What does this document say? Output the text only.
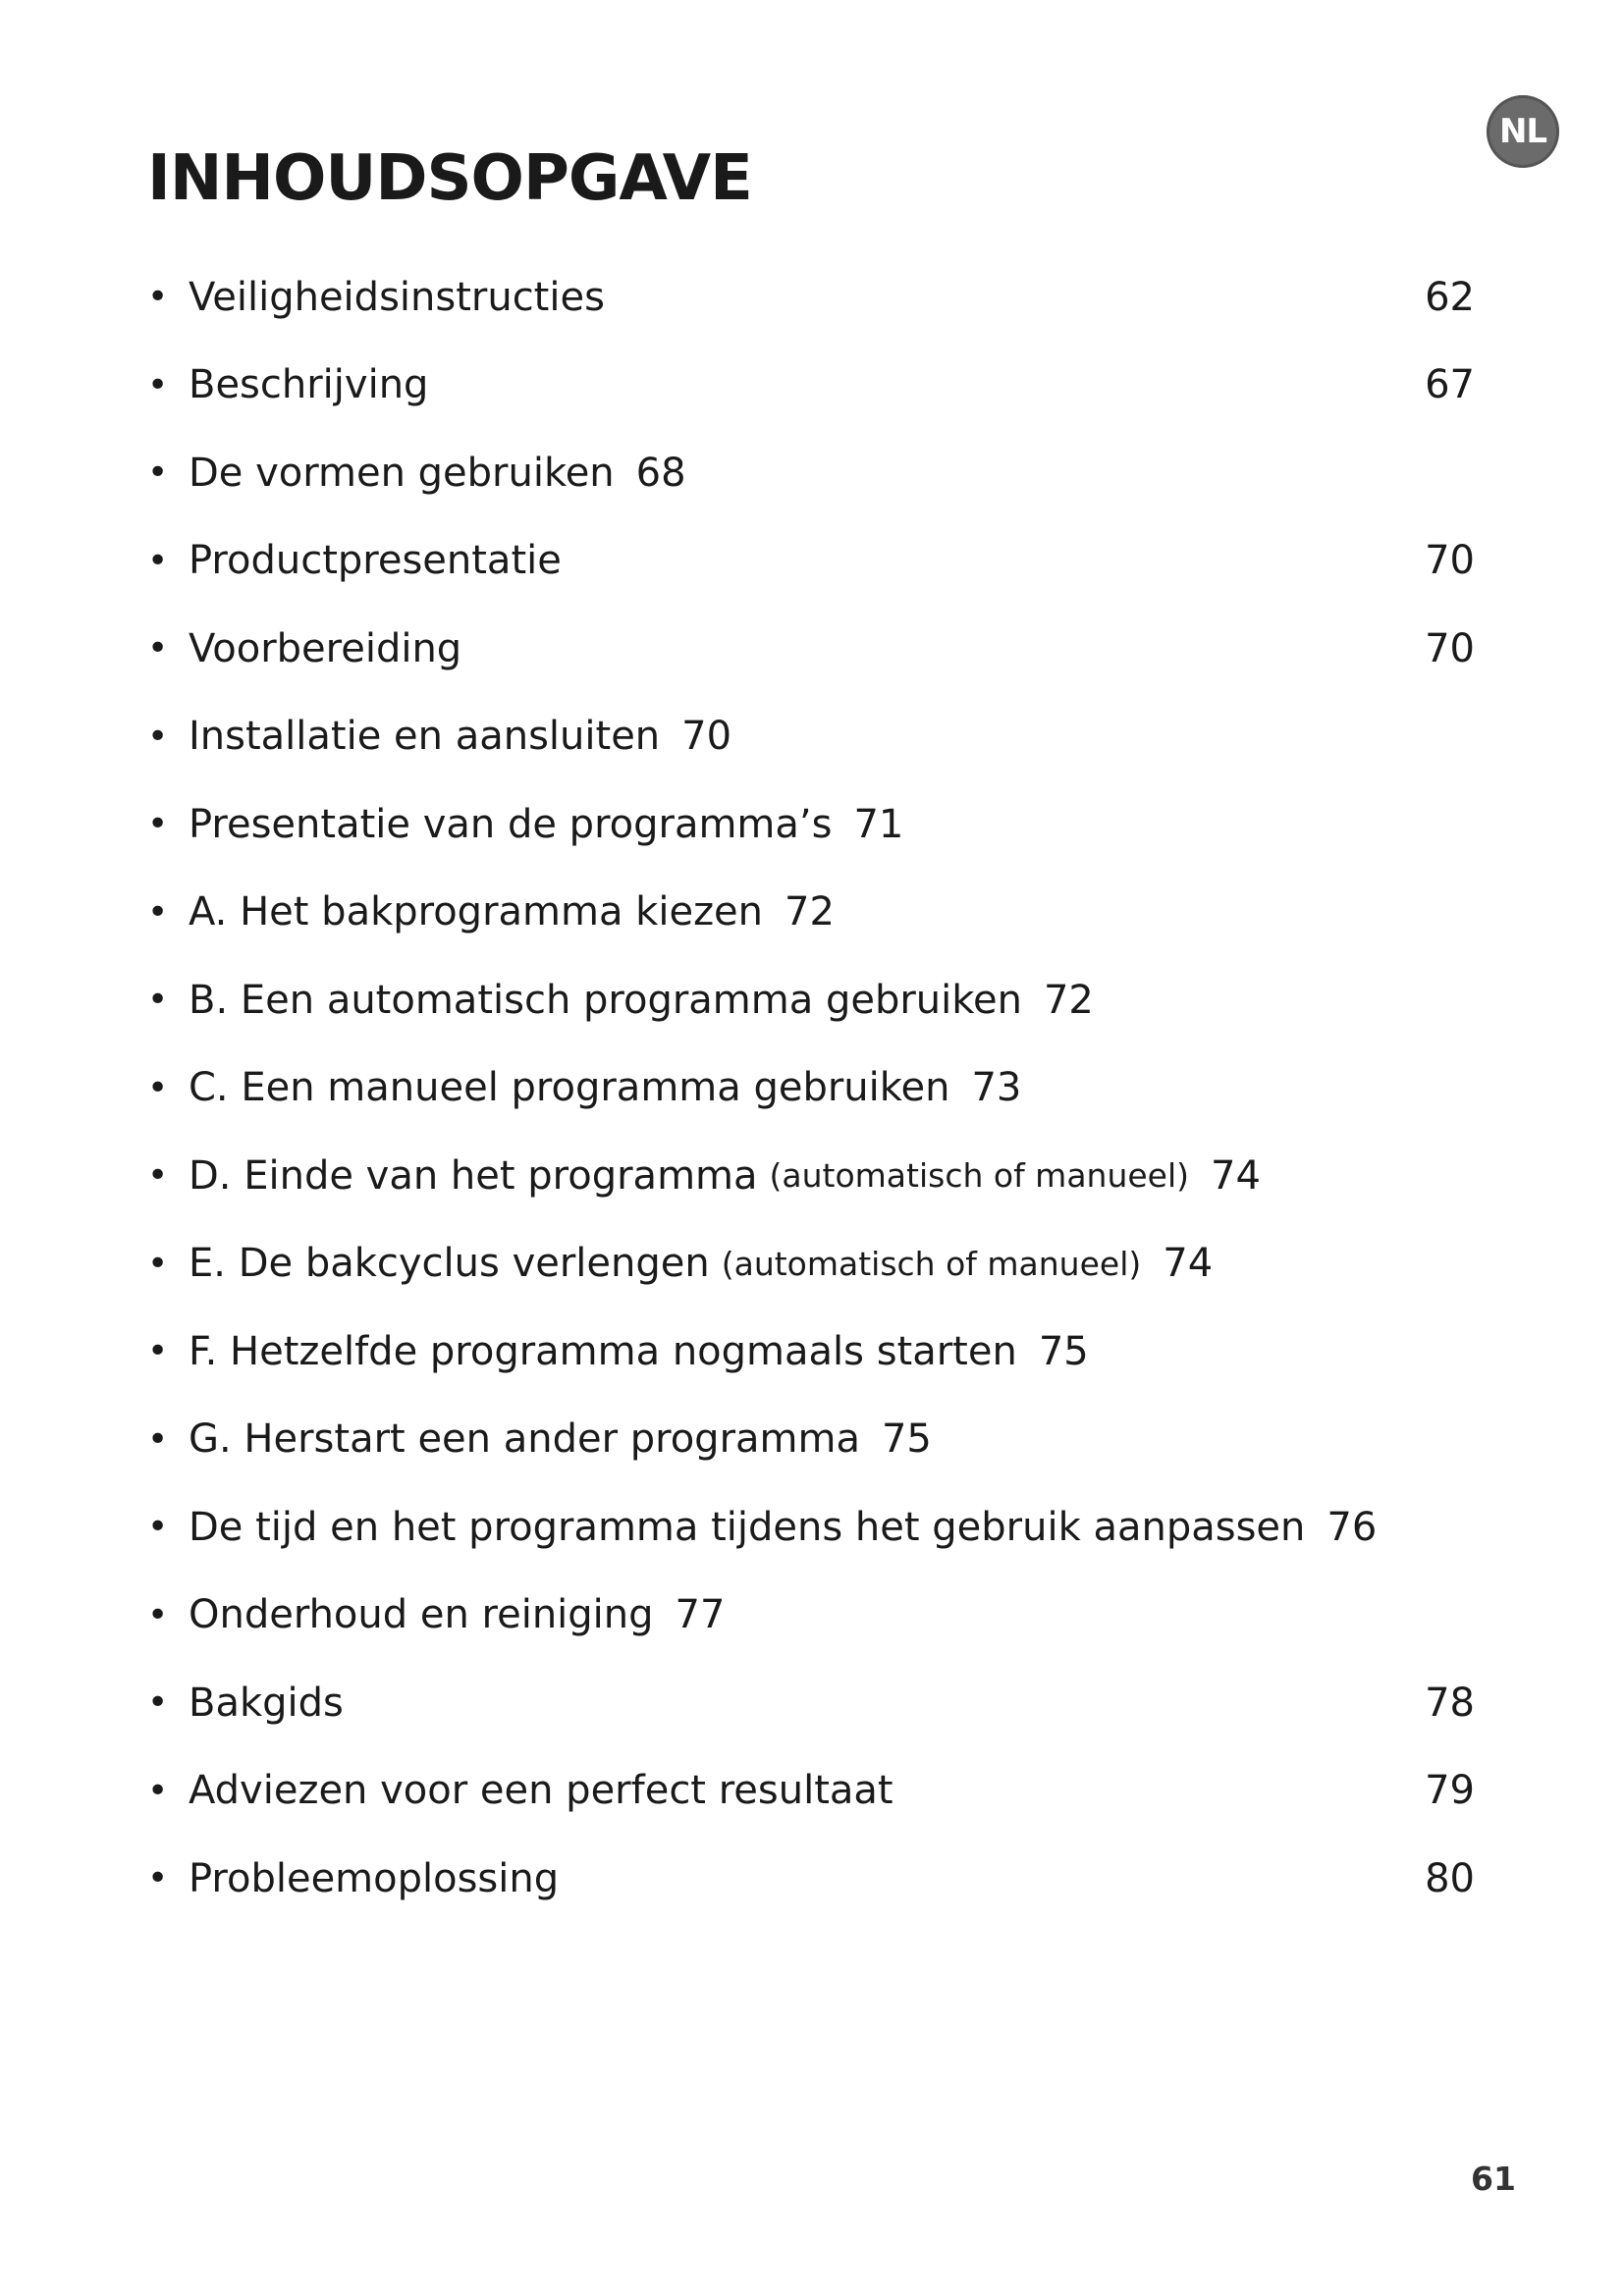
NL
INHOUDSOPGAVE
• Veiligheidsinstructies	62
• Beschrijving	67
• De vormen gebruiken 68
• Productpresentatie	70
• Voorbereiding	70
• Installatie en aansluiten 70
• Presentatie van de programma’s 71
• A. Het bakprogramma kiezen 72
• B. Een automatisch programma gebruiken 72
• C. Een manueel programma gebruiken 73
• D. Einde van het programma (automatisch of manueel) 74
• E. De bakcyclus verlengen (automatisch of manueel) 74
• F. Hetzelfde programma nogmaals starten 75
• G. Herstart een ander programma 75
• De tijd en het programma tijdens het gebruik aanpassen 76
• Onderhoud en reiniging 77
• Bakgids	78
• Adviezen voor een perfect resultaat	79
• Probleemoplossing	80
61
